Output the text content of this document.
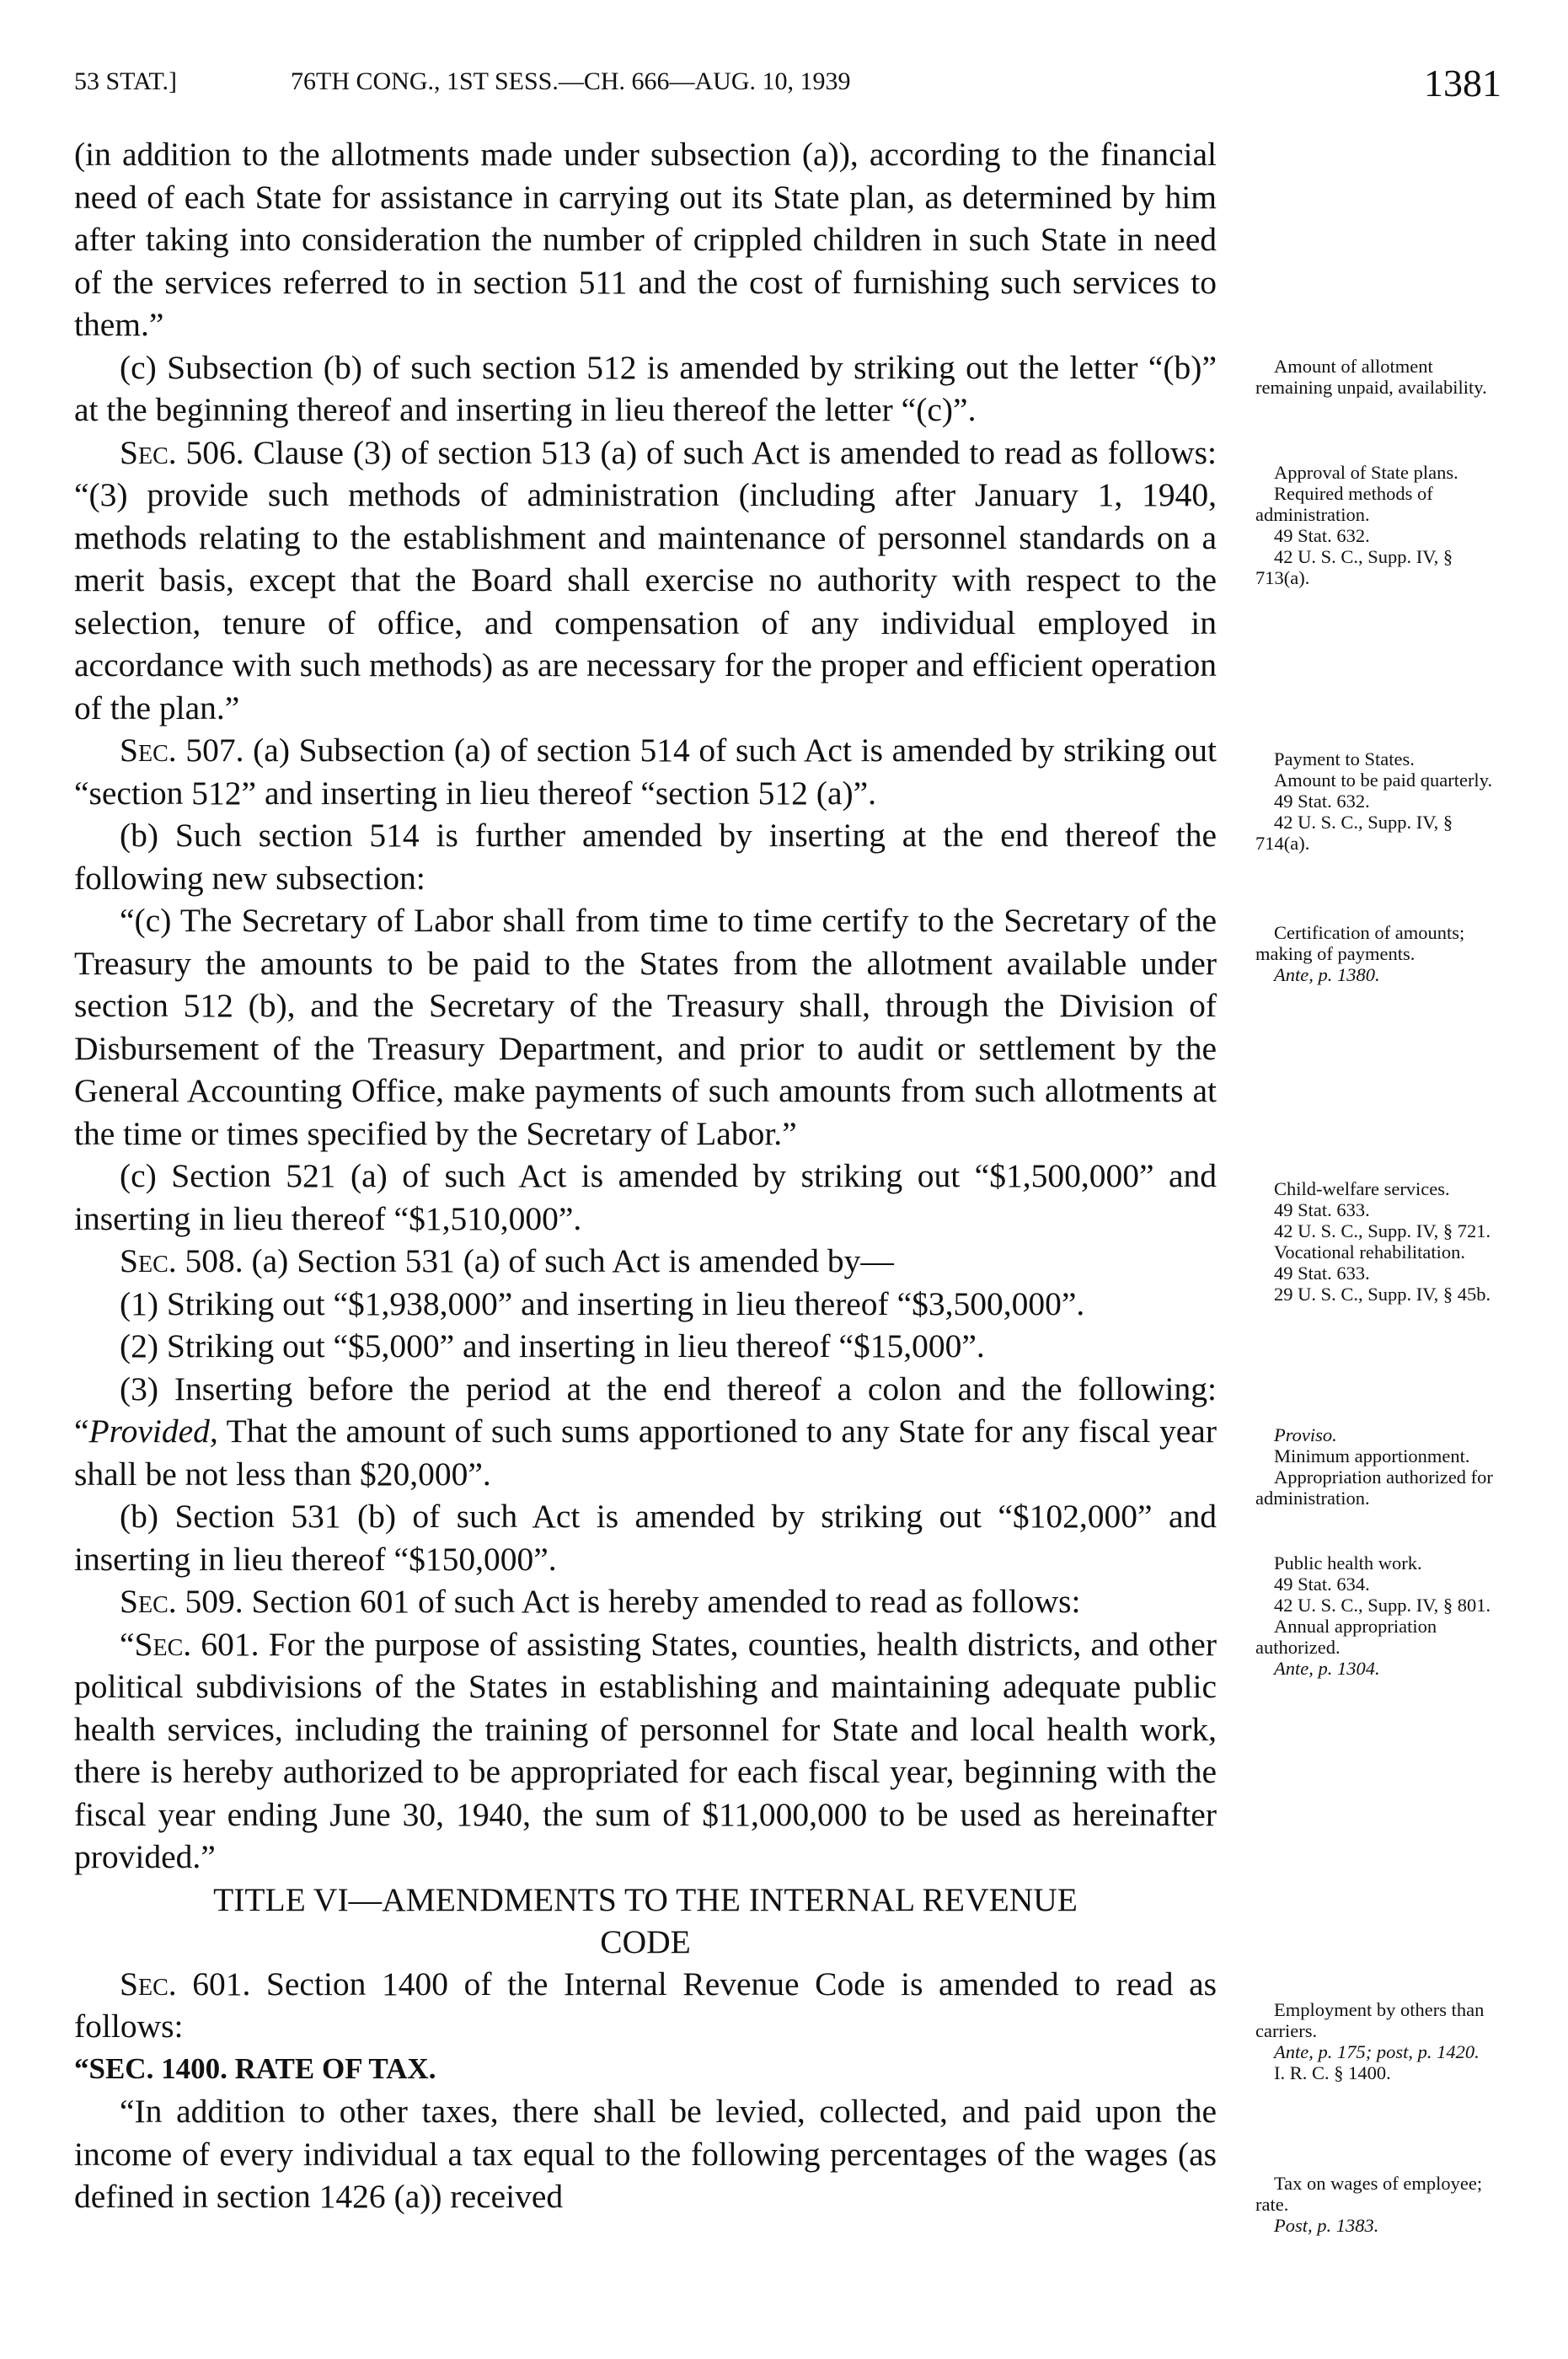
53 STAT.]	76TH CONG., 1ST SESS.—CH. 666—AUG. 10, 1939	1381

(in addition to the allotments made under subsection (a)), according to the financial need of each State for assistance in carrying out its State plan, as determined by him after taking into consideration the number of crippled children in such State in need of the services referred to in section 511 and the cost of furnishing such services to them.”

(c) Subsection (b) of such section 512 is amended by striking out the letter “(b)” at the beginning thereof and inserting in lieu thereof the letter “(c)”.

Sec. 506. Clause (3) of section 513 (a) of such Act is amended to read as follows: “(3) provide such methods of administration (including after January 1, 1940, methods relating to the establishment and maintenance of personnel standards on a merit basis, except that the Board shall exercise no authority with respect to the selection, tenure of office, and compensation of any individual employed in accordance with such methods) as are necessary for the proper and efficient operation of the plan.”

Sec. 507. (a) Subsection (a) of section 514 of such Act is amended by striking out “section 512” and inserting in lieu thereof “section 512 (a)”.

(b) Such section 514 is further amended by inserting at the end thereof the following new subsection:

“(c) The Secretary of Labor shall from time to time certify to the Secretary of the Treasury the amounts to be paid to the States from the allotment available under section 512 (b), and the Secretary of the Treasury shall, through the Division of Disbursement of the Treasury Department, and prior to audit or settlement by the General Accounting Office, make payments of such amounts from such allotments at the time or times specified by the Secretary of Labor.”

(c) Section 521 (a) of such Act is amended by striking out “$1,500,000” and inserting in lieu thereof “$1,510,000”.

Sec. 508. (a) Section 531 (a) of such Act is amended by—

(1) Striking out “$1,938,000” and inserting in lieu thereof “$3,500,000”.

(2) Striking out “$5,000” and inserting in lieu thereof “$15,000”.

(3) Inserting before the period at the end thereof a colon and the following: “Provided, That the amount of such sums apportioned to any State for any fiscal year shall be not less than $20,000”.

(b) Section 531 (b) of such Act is amended by striking out “$102,000” and inserting in lieu thereof “$150,000”.

Sec. 509. Section 601 of such Act is hereby amended to read as follows:

“Sec. 601. For the purpose of assisting States, counties, health districts, and other political subdivisions of the States in establishing and maintaining adequate public health services, including the training of personnel for State and local health work, there is hereby authorized to be appropriated for each fiscal year, beginning with the fiscal year ending June 30, 1940, the sum of $11,000,000 to be used as hereinafter provided.”

TITLE VI—AMENDMENTS TO THE INTERNAL REVENUE
CODE

Sec. 601. Section 1400 of the Internal Revenue Code is amended to read as follows:

“SEC. 1400. RATE OF TAX.

“In addition to other taxes, there shall be levied, collected, and paid upon the income of every individual a tax equal to the following percentages of the wages (as defined in section 1426 (a)) received

Amount of allotment remaining unpaid, availability.
Approval of State plans.
Required methods of administration.
49 Stat. 632.
42 U. S. C., Supp. IV, § 713(a).
Payment to States.
Amount to be paid quarterly.
49 Stat. 632.
42 U. S. C., Supp. IV, § 714(a).
Certification of amounts; making of payments.
Ante, p. 1380.
Child-welfare services.
49 Stat. 633.
42 U. S. C., Supp. IV, § 721.
Vocational rehabilitation.
49 Stat. 633.
29 U. S. C., Supp. IV, § 45b.
Proviso.
Minimum apportionment.
Appropriation authorized for administration.
Public health work.
49 Stat. 634.
42 U. S. C., Supp. IV, § 801.
Annual appropriation authorized.
Ante, p. 1304.
Employment by others than carriers.
Ante, p. 175; post, p. 1420.
I. R. C. § 1400.
Tax on wages of employee; rate.
Post, p. 1383.
